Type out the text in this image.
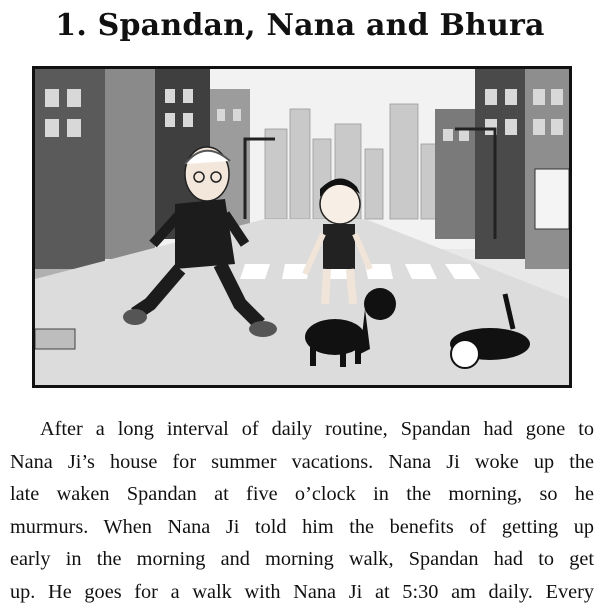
1. Spandan, Nana and Bhura

After a long interval of daily routine, Spandan had gone to
Nana Ji’s house for summer vacations. Nana Ji woke up the
late waken Spandan at five o’clock in the morning, so he
murmurs. When Nana Ji told him the benefits of getting up
early in the morning and morning walk, Spandan had to get
up. He goes for a walk with Nana Ji at 5:30 am daily. Every
